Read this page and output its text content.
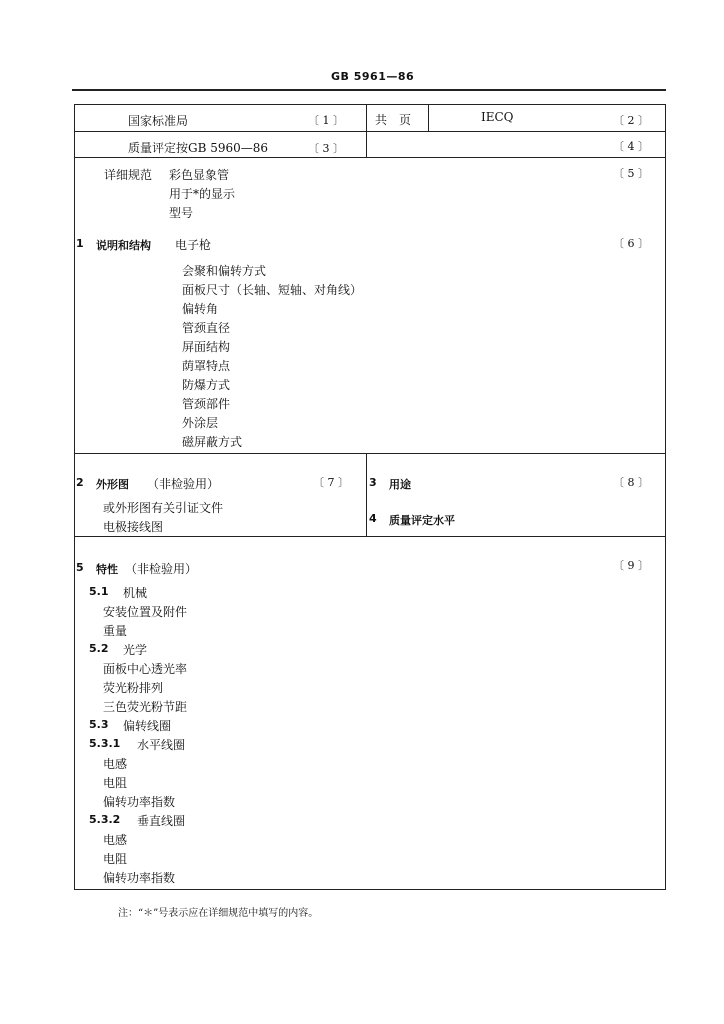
GB 5961—86
国家标准局	〔 1 〕	共　页	IECQ	〔 2 〕
质量评定按GB 5960—86	〔 3 〕	〔 4 〕
详细规范 彩色显象管
用于*的显示
型号
〔 5 〕
1 说明和结构 电子枪	〔 6 〕
会聚和偏转方式
面板尺寸（长轴、短轴、对角线）
偏转角
管颈直径
屏面结构
荫罩特点
防爆方式
管颈部件
外涂层
磁屏蔽方式
2 外形图 （非检验用）	〔 7 〕
或外形图有关引证文件
电极接线图
3 用途	〔 8 〕
4 质量评定水平
5 特性 （非检验用）	〔 9 〕
5.1 机械
安装位置及附件
重量
5.2 光学
面板中心透光率
荧光粉排列
三色荧光粉节距
5.3 偏转线圈
5.3.1 水平线圈
电感
电阻
偏转功率指数
5.3.2 垂直线圈
电感
电阻
偏转功率指数
注：“＊”号表示应在详细规范中填写的内容。
